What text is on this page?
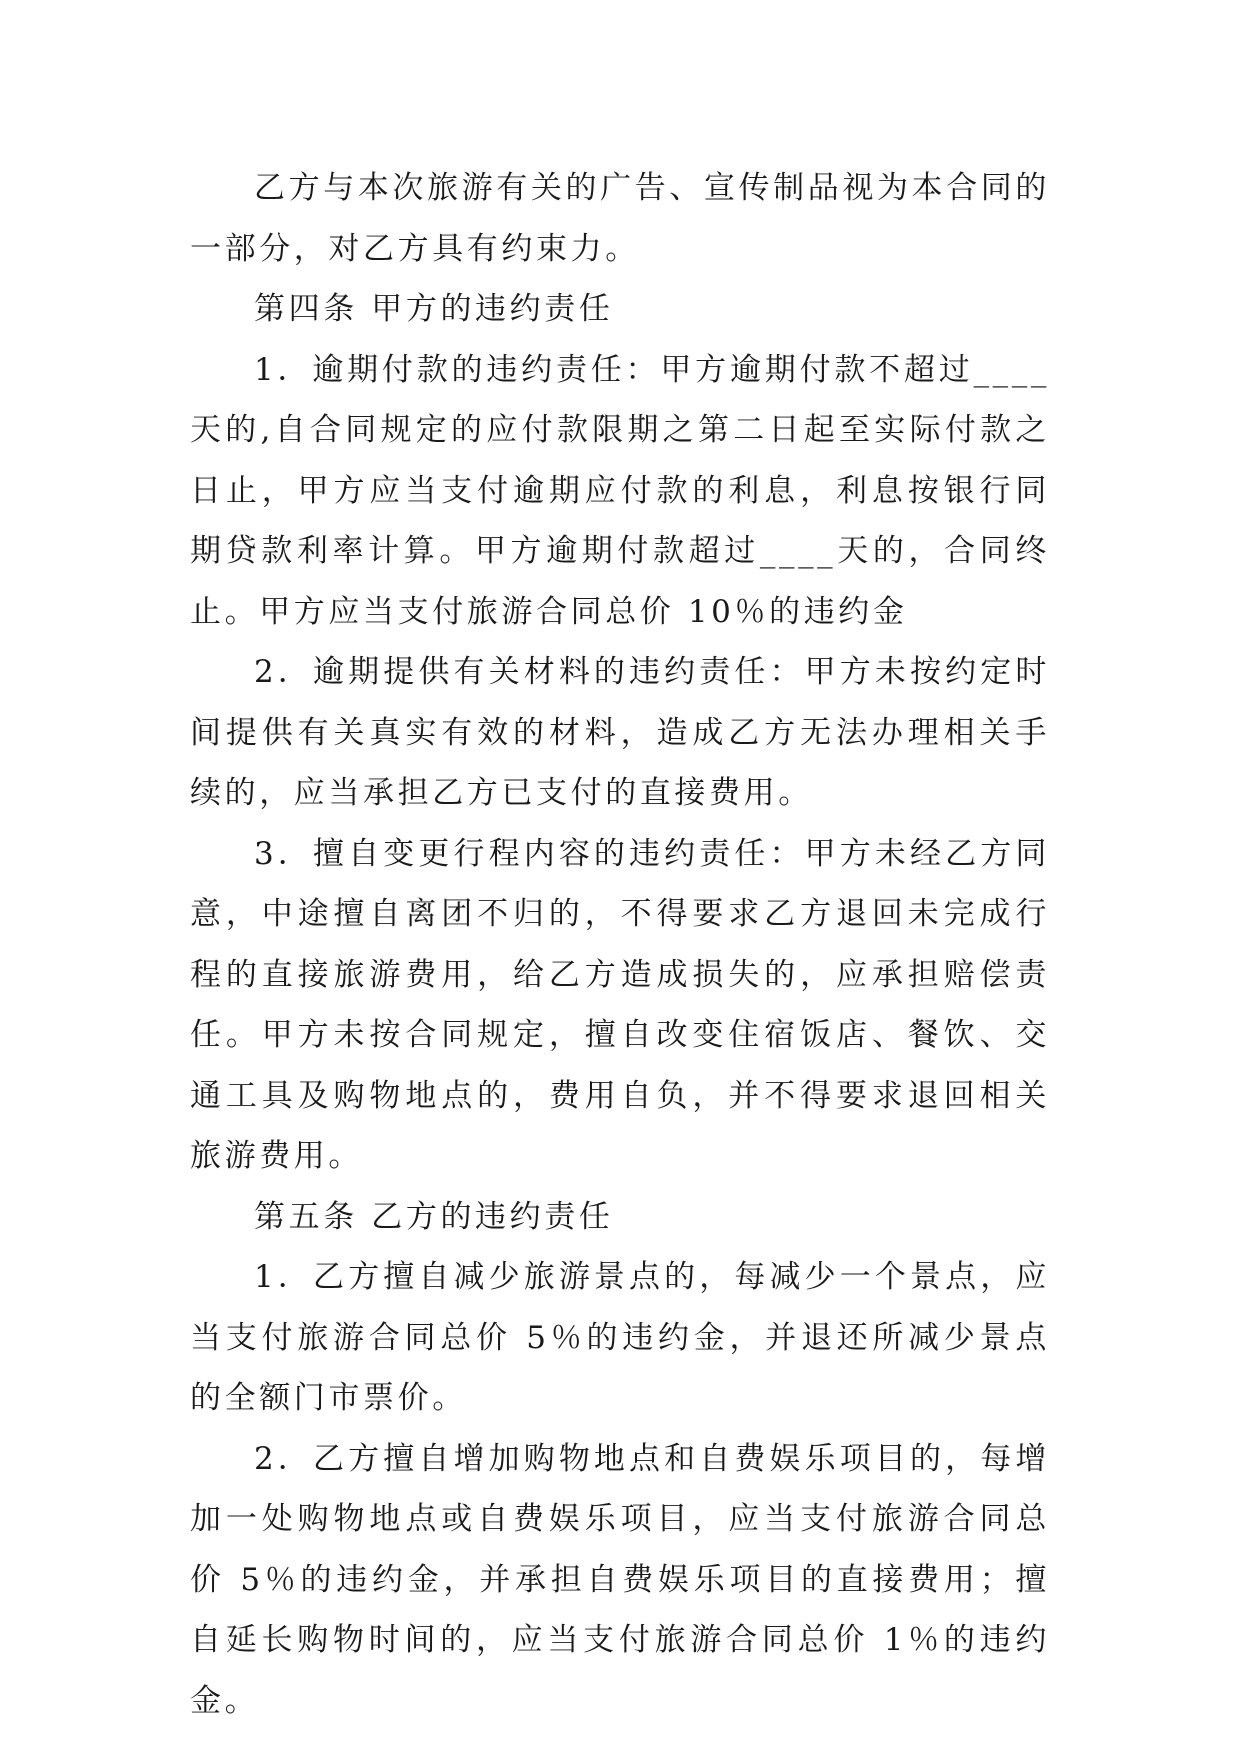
乙方与本次旅游有关的广告、宣传制品视为本合同的一部分，对乙方具有约束力。

第四条 甲方的违约责任

1．逾期付款的违约责任：甲方逾期付款不超过____天的,自合同规定的应付款限期之第二日起至实际付款之日止，甲方应当支付逾期应付款的利息，利息按银行同期贷款利率计算。甲方逾期付款超过____天的，合同终止。甲方应当支付旅游合同总价 10％的违约金

2．逾期提供有关材料的违约责任：甲方未按约定时间提供有关真实有效的材料，造成乙方无法办理相关手续的，应当承担乙方已支付的直接费用。

3．擅自变更行程内容的违约责任：甲方未经乙方同意，中途擅自离团不归的，不得要求乙方退回未完成行程的直接旅游费用，给乙方造成损失的，应承担赔偿责任。甲方未按合同规定，擅自改变住宿饭店、餐饮、交通工具及购物地点的，费用自负，并不得要求退回相关旅游费用。

第五条 乙方的违约责任

1．乙方擅自减少旅游景点的，每减少一个景点，应当支付旅游合同总价 5％的违约金，并退还所减少景点的全额门市票价。

2．乙方擅自增加购物地点和自费娱乐项目的，每增加一处购物地点或自费娱乐项目，应当支付旅游合同总价 5％的违约金，并承担自费娱乐项目的直接费用；擅自延长购物时间的，应当支付旅游合同总价 1％的违约金。
